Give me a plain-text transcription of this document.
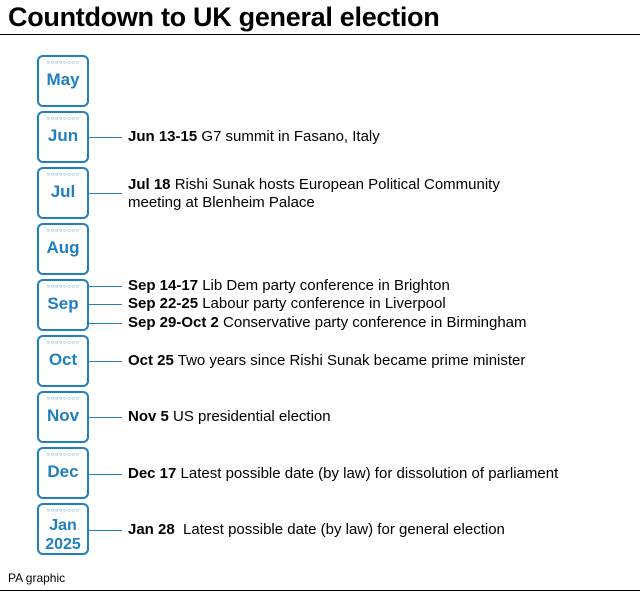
Countdown to UK general election
○○○○○○○○
May
○○○○○○○○
Jun
○○○○○○○○
Jul
○○○○○○○○
Aug
○○○○○○○○
Sep
○○○○○○○○
Oct
○○○○○○○○
Nov
○○○○○○○○
Dec
○○○○○○○○
Jan
2025
Jun 13-15 G7 summit in Fasano, Italy
Jul 18 Rishi Sunak hosts European Political Community
meeting at Blenheim Palace
Sep 14-17 Lib Dem party conference in Brighton
Sep 22-25 Labour party conference in Liverpool
Sep 29-Oct 2 Conservative party conference in Birmingham
Oct 25 Two years since Rishi Sunak became prime minister
Nov 5 US presidential election
Dec 17 Latest possible date (by law) for dissolution of parliament
Jan 28  Latest possible date (by law) for general election
PA graphic
